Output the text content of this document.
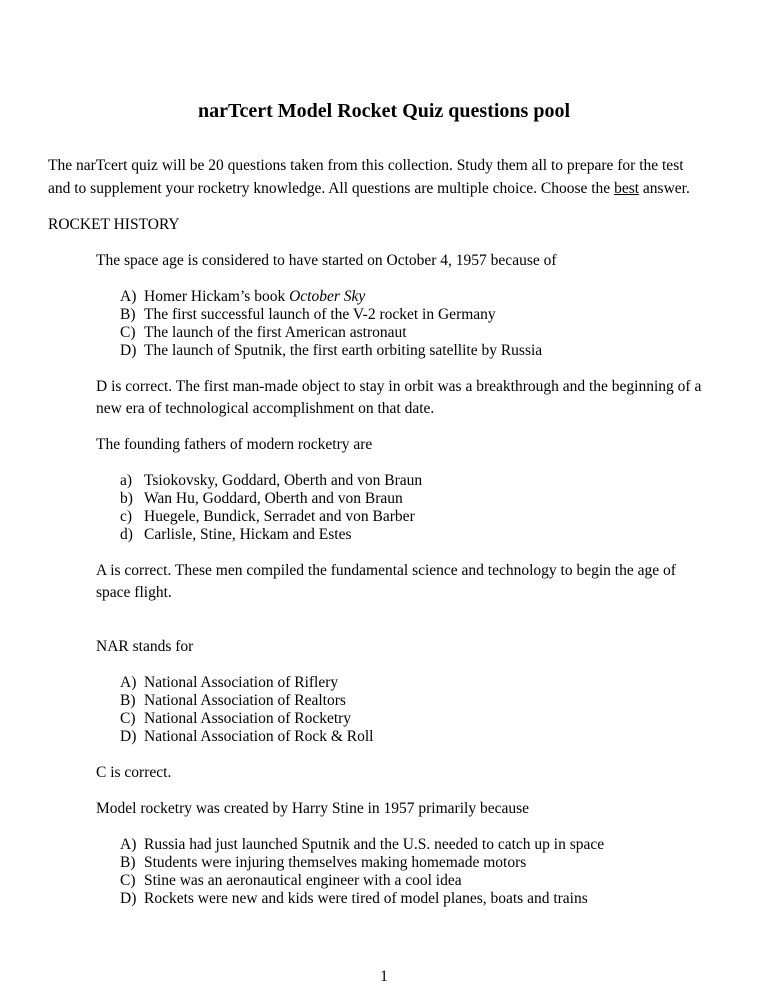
narTcert Model Rocket Quiz questions pool
The narTcert quiz will be 20 questions taken from this collection. Study them all to prepare for the test
and to supplement your rocketry knowledge. All questions are multiple choice. Choose the best answer.
ROCKET HISTORY
The space age is considered to have started on October 4, 1957 because of
A) Homer Hickam’s book October Sky
B) The first successful launch of the V-2 rocket in Germany
C) The launch of the first American astronaut
D) The launch of Sputnik, the first earth orbiting satellite by Russia
D is correct. The first man-made object to stay in orbit was a breakthrough and the beginning of a
new era of technological accomplishment on that date.
The founding fathers of modern rocketry are
a) Tsiokovsky, Goddard, Oberth and von Braun
b) Wan Hu, Goddard, Oberth and von Braun
c) Huegele, Bundick, Serradet and von Barber
d) Carlisle, Stine, Hickam and Estes
A is correct. These men compiled the fundamental science and technology to begin the age of
space flight.
NAR stands for
A) National Association of Riflery
B) National Association of Realtors
C) National Association of Rocketry
D) National Association of Rock & Roll
C is correct.
Model rocketry was created by Harry Stine in 1957 primarily because
A) Russia had just launched Sputnik and the U.S. needed to catch up in space
B) Students were injuring themselves making homemade motors
C) Stine was an aeronautical engineer with a cool idea
D) Rockets were new and kids were tired of model planes, boats and trains
1
